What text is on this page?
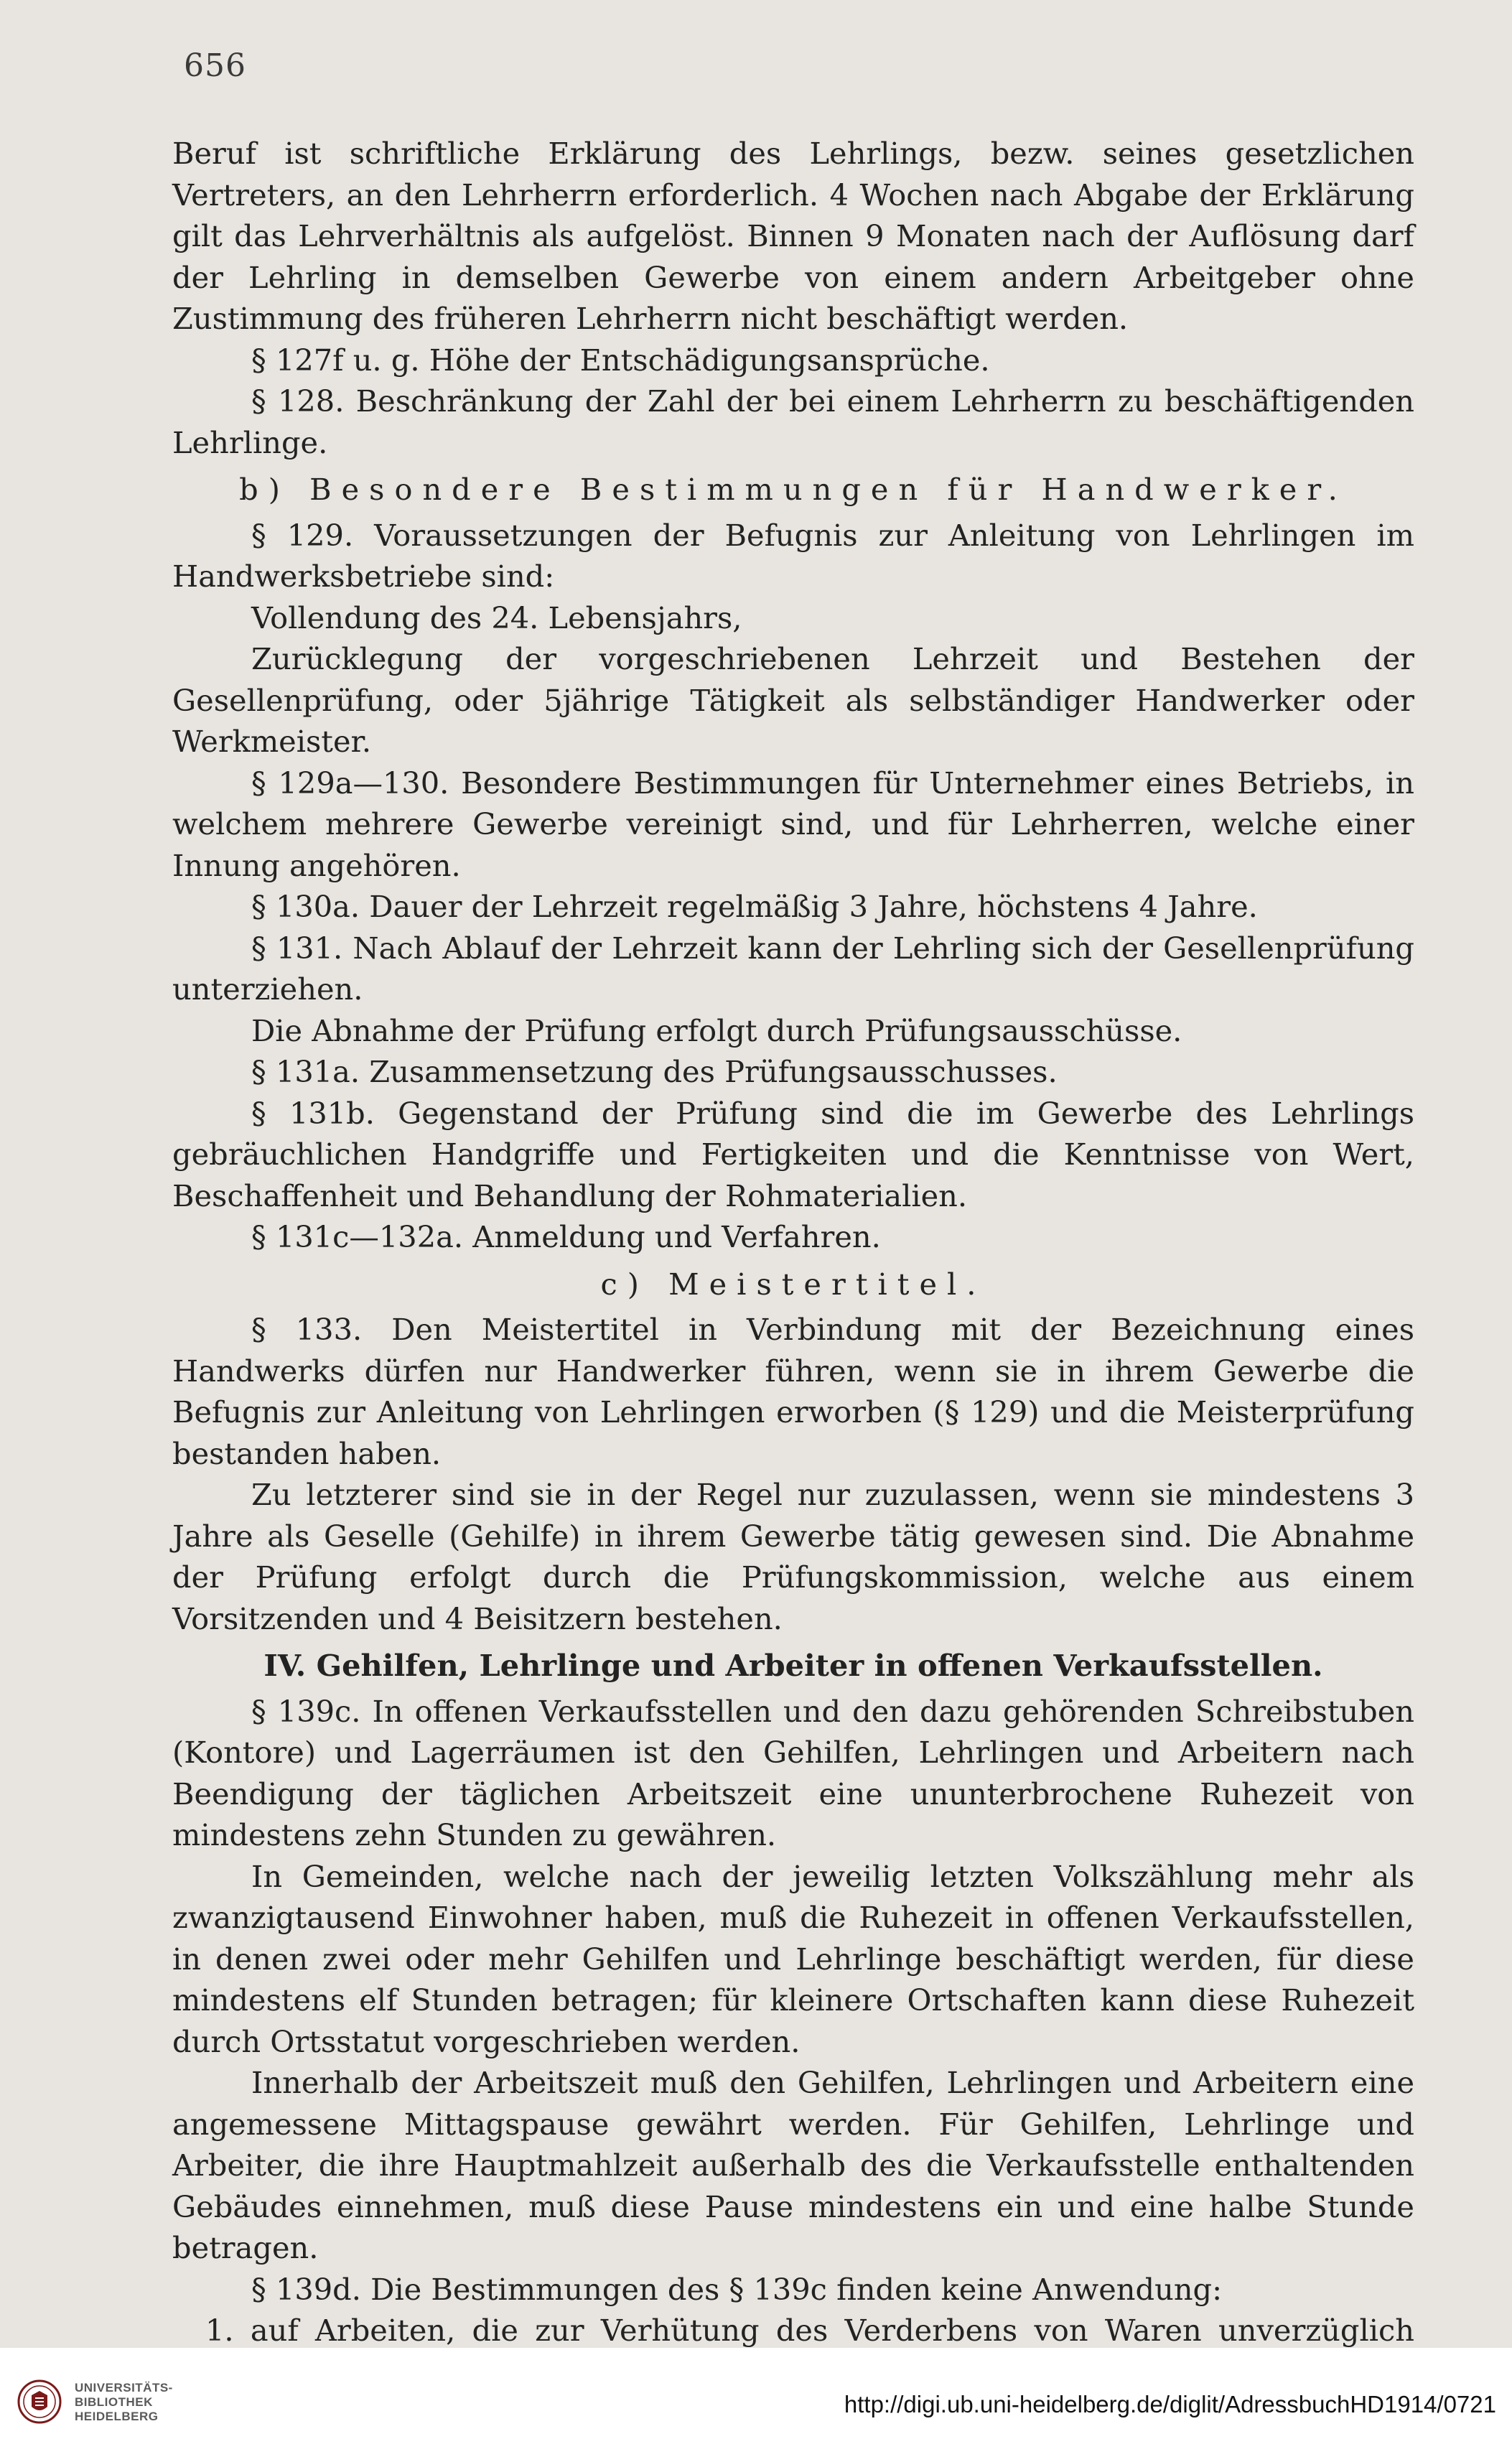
656

Beruf ist schriftliche Erklärung des Lehrlings, bezw. seines gesetzlichen Vertreters, an den Lehrherrn erforderlich. 4 Wochen nach Abgabe der Erklärung gilt das Lehrverhältnis als aufgelöst. Binnen 9 Monaten nach der Auflösung darf der Lehrling in demselben Gewerbe von einem andern Arbeitgeber ohne Zustimmung des früheren Lehrherrn nicht beschäftigt werden.

§ 127f u. g. Höhe der Entschädigungsansprüche.

§ 128. Beschränkung der Zahl der bei einem Lehrherrn zu beschäftigenden Lehrlinge.

b) Besondere Bestimmungen für Handwerker.

§ 129. Voraussetzungen der Befugnis zur Anleitung von Lehrlingen im Handwerksbetriebe sind:

Vollendung des 24. Lebensjahrs,

Zurücklegung der vorgeschriebenen Lehrzeit und Bestehen der Gesellenprüfung, oder 5jährige Tätigkeit als selbständiger Handwerker oder Werkmeister.

§ 129a—130. Besondere Bestimmungen für Unternehmer eines Betriebs, in welchem mehrere Gewerbe vereinigt sind, und für Lehrherren, welche einer Innung angehören.

§ 130a. Dauer der Lehrzeit regelmäßig 3 Jahre, höchstens 4 Jahre.

§ 131. Nach Ablauf der Lehrzeit kann der Lehrling sich der Gesellenprüfung unterziehen.

Die Abnahme der Prüfung erfolgt durch Prüfungsausschüsse.

§ 131a. Zusammensetzung des Prüfungsausschusses.

§ 131b. Gegenstand der Prüfung sind die im Gewerbe des Lehrlings gebräuchlichen Handgriffe und Fertigkeiten und die Kenntnisse von Wert, Beschaffenheit und Behandlung der Rohmaterialien.

§ 131c—132a. Anmeldung und Verfahren.

c) Meistertitel.

§ 133. Den Meistertitel in Verbindung mit der Bezeichnung eines Handwerks dürfen nur Handwerker führen, wenn sie in ihrem Gewerbe die Befugnis zur Anleitung von Lehrlingen erworben (§ 129) und die Meisterprüfung bestanden haben.

Zu letzterer sind sie in der Regel nur zuzulassen, wenn sie mindestens 3 Jahre als Geselle (Gehilfe) in ihrem Gewerbe tätig gewesen sind. Die Abnahme der Prüfung erfolgt durch die Prüfungskommission, welche aus einem Vorsitzenden und 4 Beisitzern bestehen.

IV. Gehilfen, Lehrlinge und Arbeiter in offenen Verkaufsstellen.

§ 139c. In offenen Verkaufsstellen und den dazu gehörenden Schreibstuben (Kontore) und Lagerräumen ist den Gehilfen, Lehrlingen und Arbeitern nach Beendigung der täglichen Arbeitszeit eine ununterbrochene Ruhezeit von mindestens zehn Stunden zu gewähren.

In Gemeinden, welche nach der jeweilig letzten Volkszählung mehr als zwanzigtausend Einwohner haben, muß die Ruhezeit in offenen Verkaufsstellen, in denen zwei oder mehr Gehilfen und Lehrlinge beschäftigt werden, für diese mindestens elf Stunden betragen; für kleinere Ortschaften kann diese Ruhezeit durch Ortsstatut vorgeschrieben werden.

Innerhalb der Arbeitszeit muß den Gehilfen, Lehrlingen und Arbeitern eine angemessene Mittagspause gewährt werden. Für Gehilfen, Lehrlinge und Arbeiter, die ihre Hauptmahlzeit außerhalb des die Verkaufsstelle enthaltenden Gebäudes einnehmen, muß diese Pause mindestens ein und eine halbe Stunde betragen.

§ 139d. Die Bestimmungen des § 139c finden keine Anwendung:

1. auf Arbeiten, die zur Verhütung des Verderbens von Waren unverzüglich

UNIVERSITÄTS-
BIBLIOTHEK
HEIDELBERG	http://digi.ub.uni-heidelberg.de/diglit/AdressbuchHD1914/0721
